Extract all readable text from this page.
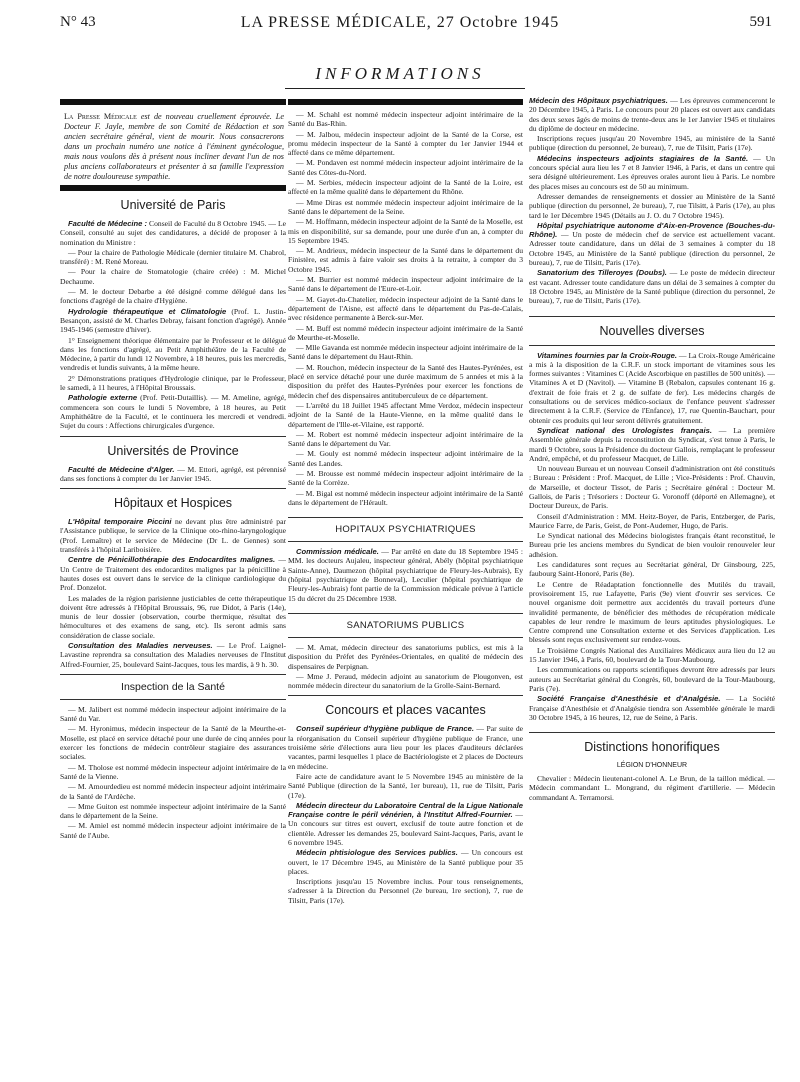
N° 43	LA PRESSE MÉDICALE, 27 Octobre 1945	591
INFORMATIONS
La Presse Médicale est de nouveau cruellement éprouvée. Le Docteur F. Jayle, membre de son Comité de Rédaction et son ancien secrétaire général, vient de mourir. Nous consacrerons dans un prochain numéro une notice à l'éminent gynécologue, mais nous voulons dès à présent nous incliner devant l'un de nos plus anciens collaborateurs et présenter à sa famille l'expression de notre douloureuse sympathie.
Université de Paris

Faculté de Médecine : Conseil de Faculté du 8 Octobre 1945. — Le Conseil, consulté au sujet des candidatures, a décidé de proposer à la nomination du Ministre :

— Pour la chaire de Pathologie Médicale (dernier titulaire M. Chabrol, transféré) : M. René Moreau.

— Pour la chaire de Stomatologie (chaire créée) : M. Michel Dechaume.

— M. le docteur Debarbe a été désigné comme délégué dans les fonctions d'agrégé de la chaire d'Hygiène.

Hydrologie thérapeutique et Climatologie (Prof. L. Justin-Besançon, assisté de M. Charles Debray, faisant fonction d'agrégé). Année 1945-1946 (semestre d'hiver).

1° Enseignement théorique élémentaire par le Professeur et le délégué dans les fonctions d'agrégé, au Petit Amphithéâtre de la Faculté de Médecine, à partir du lundi 12 Novembre, à 18 heures, puis les mercredis, vendredis et lundis suivants, à la même heure.

2° Démonstrations pratiques d'Hydrologie clinique, par le Professeur, le samedi, à 11 heures, à l'Hôpital Broussais.

Pathologie externe (Prof. Petit-Dutaillis). — M. Ameline, agrégé, commencera son cours le lundi 5 Novembre, à 18 heures, au Petit Amphithéâtre de la Faculté, et le continuera les mercredi et vendredi. Sujet du cours : Affections chirurgicales d'urgence.

Universités de Province

Faculté de Médecine d'Alger. — M. Ettori, agrégé, est pérennisé dans ses fonctions à compter du 1er Janvier 1945.

Hôpitaux et Hospices

L'Hôpital temporaire Piccini ne devant plus être administré par l'Assistance publique, le service de la Clinique oto-rhino-laryngologique (Prof. Lemaître) et le service de Médecine (Dr L. de Gennes) sont transférés à l'hôpital Lariboisière.

Centre de Pénicillothérapie des Endocardites malignes. — Un Centre de Traitement des endocardites malignes par la pénicilline à hautes doses est ouvert dans le service de la clinique cardiologique du Prof. Donzelot.

Les malades de la région parisienne justiciables de cette thérapeutique doivent être adressés à l'Hôpital Broussais, 96, rue Didot, à Paris (14e), munis de leur dossier (observation, courbe thermique, résultat des hémocultures et des examens de sang, etc). Ils seront admis sans considération de classe sociale.

Consultation des Maladies nerveuses. — Le Prof. Laignel-Lavastine reprendra sa consultation des Maladies nerveuses de l'Institut Alfred-Fournier, 25, boulevard Saint-Jacques, tous les mardis, à 9 h. 30.

Inspection de la Santé

— M. Jalibert est nommé médecin inspecteur adjoint intérimaire de la Santé du Var.

— M. Hyronimus, médecin inspecteur de la Santé de la Meurthe-et-Moselle, est placé en service détaché pour une durée de cinq années pour exercer les fonctions de médecin contrôleur stagiaire des assurances sociales.

— M. Tholose est nommé médecin inspecteur adjoint intérimaire de la Santé de la Vienne.

— M. Amourdedieu est nommé médecin inspecteur adjoint intérimaire de la Santé de l'Ardèche.

— Mme Guiton est nommée inspecteur adjoint intérimaire de la Santé dans le département de la Seine.

— M. Amiel est nommé médecin inspecteur adjoint intérimaire de la Santé de l'Aube.

— M. Schahl est nommé médecin inspecteur adjoint intérimaire de la Santé du Bas-Rhin.

— M. Jalbou, médecin inspecteur adjoint de la Santé de la Corse, est promu médecin inspecteur de la Santé à compter du 1er Janvier 1944 et affecté dans ce même département.

— M. Pondaven est nommé médecin inspecteur adjoint intérimaire de la Santé des Côtes-du-Nord.

— M. Serbies, médecin inspecteur adjoint de la Santé de la Loire, est affecté en la même qualité dans le département du Rhône.

— Mme Diras est nommée médecin inspecteur adjoint intérimaire de la Santé dans le département de la Seine.

— M. Hoffmann, médecin inspecteur adjoint de la Santé de la Moselle, est mis en disponibilité, sur sa demande, pour une durée d'un an, à compter du 15 Septembre 1945.

— M. Andrieux, médecin inspecteur de la Santé dans le département du Finistère, est admis à faire valoir ses droits à la retraite, à compter du 3 Octobre 1945.

— M. Burrier est nommé médecin inspecteur adjoint intérimaire de la Santé dans le département de l'Eure-et-Loir.

— M. Gayet-du-Chatelier, médecin inspecteur adjoint de la Santé dans le département de l'Aisne, est affecté dans le département du Pas-de-Calais, avec résidence permanente à Berck-sur-Mer.

— M. Buff est nommé médecin inspecteur adjoint intérimaire de la Santé de Meurthe-et-Moselle.

— Mlle Gavanda est nommée médecin inspecteur adjoint intérimaire de la Santé dans le département du Haut-Rhin.

— M. Rouchon, médecin inspecteur de la Santé des Hautes-Pyrénées, est placé en service détaché pour une durée maximum de 5 années et mis à la disposition du préfet des Hautes-Pyrénées pour exercer les fonctions de médecin chef des dispensaires antituberculeux de ce département.

— L'arrêté du 18 Juillet 1945 affectant Mme Verdoz, médecin inspecteur adjoint de la Santé de la Haute-Vienne, en la même qualité dans le département de l'Ille-et-Vilaine, est rapporté.

— M. Robert est nommé médecin inspecteur adjoint intérimaire de la Santé dans le département du Var.

— M. Gouly est nommé médecin inspecteur adjoint intérimaire de la Santé des Landes.

— M. Brousse est nommé médecin inspecteur adjoint intérimaire de la Santé de la Corrèze.

— M. Bigal est nommé médecin inspecteur adjoint intérimaire de la Santé dans le département de l'Hérault.

HOPITAUX PSYCHIATRIQUES

Commission médicale. — Par arrêté en date du 18 Septembre 1945 : MM. les docteurs Aujaleu, inspecteur général, Abély (hôpital psychiatrique Sainte-Anne), Daumezon (hôpital psychiatrique de Fleury-les-Aubrais), Ey (hôpital psychiatrique de Bonneval), Leculier (hôpital psychiatrique de Fleury-les-Aubrais) font partie de la Commission médicale prévue à l'article 15 du décret du 25 Décembre 1938.

SANATORIUMS PUBLICS

— M. Amat, médecin directeur des sanatoriums publics, est mis à la disposition du Préfet des Pyrénées-Orientales, en qualité de médecin des dispensaires de Perpignan.

— Mme J. Peraud, médecin adjoint au sanatorium de Plougonven, est nommée médecin directeur du sanatorium de la Grolle-Saint-Bernard.

Concours et places vacantes

Conseil supérieur d'hygiène publique de France. — Par suite de la réorganisation du Conseil supérieur d'hygiène publique de France, une troisième série d'élections aura lieu pour les places d'auditeurs déclarées vacantes, parmi lesquelles 1 place de Bactériologiste et 2 places de Docteurs en médecine.

Faire acte de candidature avant le 5 Novembre 1945 au ministère de la Santé Publique (direction de la Santé, 1er bureau), 11, rue de Tilsitt, Paris (17e).

Médecin directeur du Laboratoire Central de la Ligue Nationale Française contre le péril vénérien, à l'Institut Alfred-Fournier. — Un concours sur titres est ouvert, exclusif de toute autre fonction et de clientèle. Adresser les demandes 25, boulevard Saint-Jacques, Paris, avant le 6 novembre 1945.

Médecin phtisiologue des Services publics. — Un concours est ouvert, le 17 Décembre 1945, au Ministère de la Santé publique pour 35 places.

Inscriptions jusqu'au 15 Novembre inclus. Pour tous renseignements, s'adresser à la Direction du Personnel (2e bureau, 1re section), 7, rue de Tilsitt, Paris (17e).

Médecin des Hôpitaux psychiatriques. — Les épreuves commenceront le 20 Décembre 1945, à Paris. Le concours pour 20 places est ouvert aux candidats des deux sexes âgés de moins de trente-deux ans le 1er Janvier 1945 et titulaires du diplôme de docteur en médecine.

Inscriptions reçues jusqu'au 20 Novembre 1945, au ministère de la Santé publique (direction du personnel, 2e bureau), 7, rue de Tilsitt, Paris (17e).

Médecins inspecteurs adjoints stagiaires de la Santé. — Un concours spécial aura lieu les 7 et 8 Janvier 1946, à Paris, et dans un centre qui sera désigné ultérieurement. Les épreuves orales auront lieu à Paris. Le nombre des places mises au concours est de 50 au minimum.

Adresser demandes de renseignements et dossier au Ministère de la Santé publique (direction du personnel, 2e bureau), 7, rue Tilsitt, à Paris (17e), au plus tard le 1er Décembre 1945 (Détails au J. O. du 7 Octobre 1945).

Hôpital psychiatrique autonome d'Aix-en-Provence (Bouches-du-Rhône). — Un poste de médecin chef de service est actuellement vacant. Adresser toute candidature, dans un délai de 3 semaines à compter du 18 Octobre 1945, au Ministère de la Santé publique (direction du personnel, 2e bureau), 7, rue de Tilsitt, Paris (17e).

Sanatorium des Tilleroyes (Doubs). — Le poste de médecin directeur est vacant. Adresser toute candidature dans un délai de 3 semaines à compter du 18 Octobre 1945, au Ministère de la Santé publique (direction du personnel, 2e bureau), 7, rue de Tilsitt, Paris (17e).

Nouvelles diverses

Vitamines fournies par la Croix-Rouge. — La Croix-Rouge Américaine a mis à la disposition de la C.R.F. un stock important de vitamines sous les formes suivantes : Vitamines C (Acide Ascorbique en pastilles de 500 unités). — Vitamines A et D (Navitol). — Vitamine B (Rebalon, capsules contenant 16 g. d'extrait de foie frais et 2 g. de sulfate de fer). Les médecins chargés de consultations ou de services médico-sociaux de l'enfance peuvent s'adresser directement à la C.R.F. (Service de l'Enfance), 17, rue Quentin-Bauchart, pour obtenir ces produits qui leur seront délivrés gratuitement.

Syndicat national des Urologistes français. — La première Assemblée générale depuis la reconstitution du Syndicat, s'est tenue à Paris, le mardi 9 Octobre, sous la Présidence du docteur Gallois, remplaçant le professeur André, empêché, et du professeur Macquet, de Lille.

Un nouveau Bureau et un nouveau Conseil d'administration ont été constitués : Bureau : Président : Prof. Macquet, de Lille ; Vice-Présidents : Prof. Chauvin, de Marseille, et docteur Tissot, de Paris ; Secrétaire général : Docteur M. Gallois, de Paris ; Trésoriers : Docteur G. Voronoff (déporté en Allemagne), et Docteur Dureux, de Paris.

Conseil d'Administration : MM. Heitz-Boyer, de Paris, Entzberger, de Paris, Maurice Farre, de Paris, Geist, de Pont-Audemer, Hugo, de Paris.

Le Syndicat national des Médecins biologistes français étant reconstitué, le Bureau prie les anciens membres du Syndicat de bien vouloir renouveler leur adhésion.

Les candidatures sont reçues au Secrétariat général, Dr Ginsbourg, 225, faubourg Saint-Honoré, Paris (8e).

Le Centre de Réadaptation fonctionnelle des Mutilés du travail, provisoirement 15, rue Lafayette, Paris (9e) vient d'ouvrir ses services. Ce nouvel organisme doit permettre aux accidentés du travail porteurs d'une invalidité permanente, de bénéficier des méthodes de récupération médicale capables de leur rendre le maximum de leurs aptitudes physiologiques. Le Centre comprend une Consultation externe et des Services d'application. Les blessés sont reçus exclusivement sur rendez-vous.

Le Troisième Congrès National des Auxiliaires Médicaux aura lieu du 12 au 15 Janvier 1946, à Paris, 60, boulevard de la Tour-Maubourg.

Les communications ou rapports scientifiques devront être adressés par leurs auteurs au Secrétariat général du Congrès, 60, boulevard de la Tour-Maubourg, Paris (7e).

Société Française d'Anesthésie et d'Analgésie. — La Société Française d'Anesthésie et d'Analgésie tiendra son Assemblée générale le mardi 30 Octobre 1945, à 16 heures, 12, rue de Seine, à Paris.

Distinctions honorifiques
LÉGION D'HONNEUR

Chevalier : Médecin lieutenant-colonel A. Le Brun, de la taillon médical. — Médecin commandant L. Mongrand, du régiment d'artillerie. — Médecin commandant A. Terramorsi.
